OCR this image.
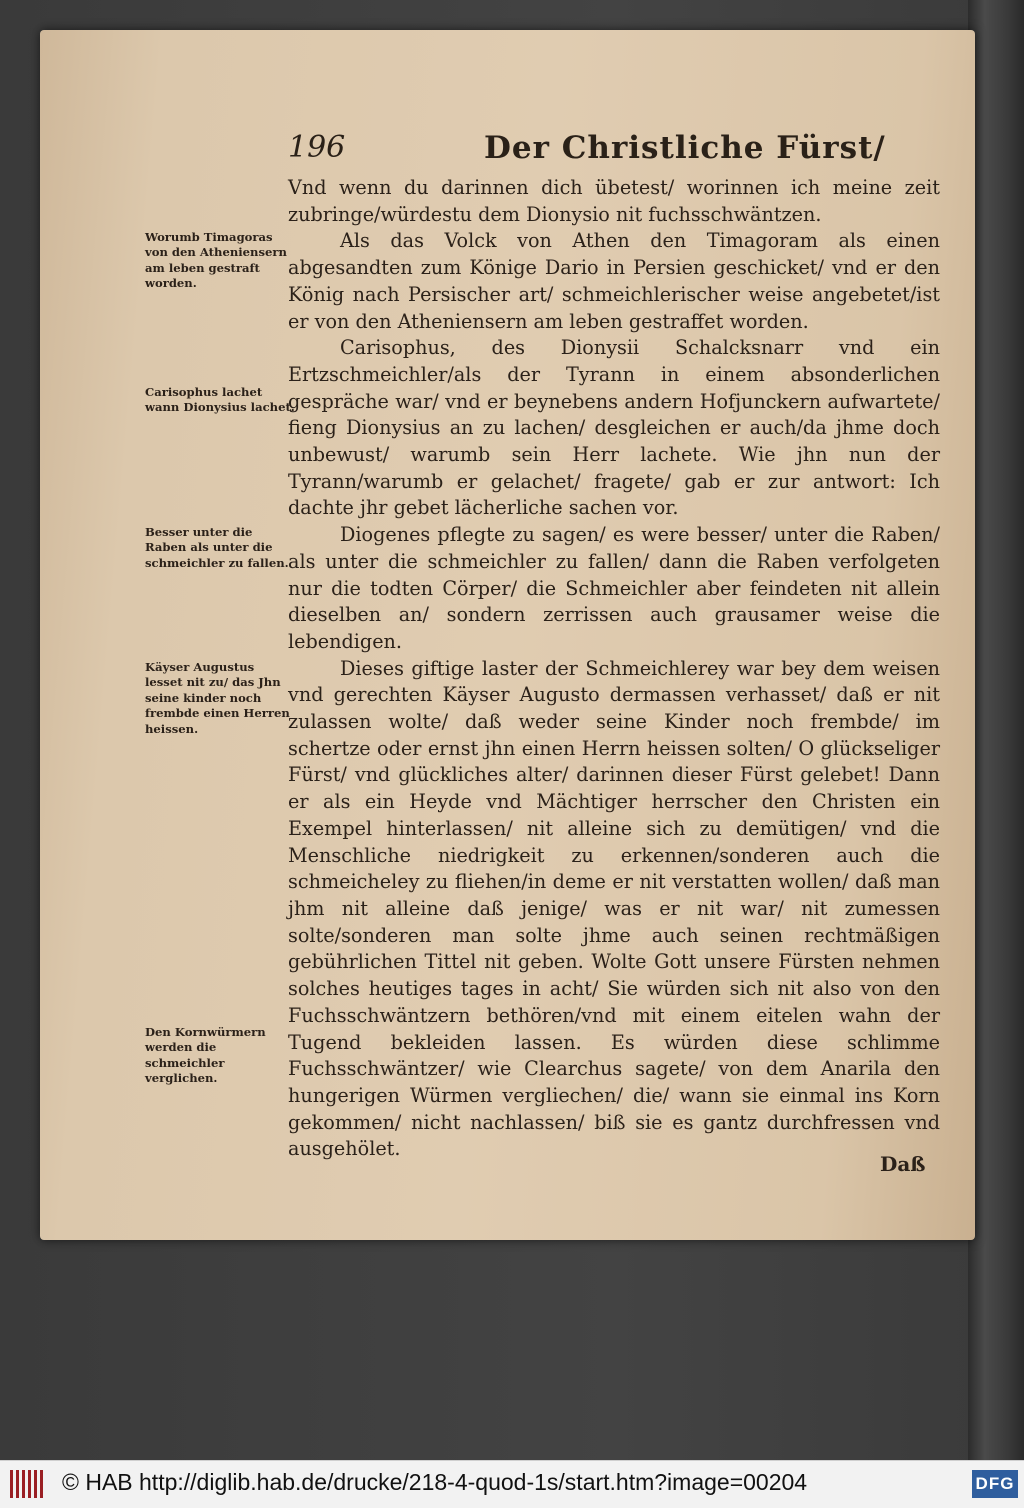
196	Der Christliche Fürst/

Vnd wenn du darinnen dich übetest/ worinnen ich meine zeit zubringe/würdestu dem Dionysio nit fuchsschwäntzen.

Als das Volck von Athen den Timagoram als einen abgesandten zum Könige Dario in Persien geschicket/ vnd er den König nach Persischer art/ schmeichlerischer weise angebetet/ist er von den Atheniensern am leben gestraffet worden.

Carisophus, des Dionysii Schalcksnarr vnd ein Ertzschmeichler/als der Tyrann in einem absonderlichen gespräche war/ vnd er beynebens andern Hofjunckern aufwartete/ fieng Dionysius an zu lachen/ desgleichen er auch/da jhme doch unbewust/ warumb sein Herr lachete. Wie jhn nun der Tyrann/warumb er gelachet/ fragete/ gab er zur antwort: Ich dachte jhr gebet lächerliche sachen vor.

Diogenes pflegte zu sagen/ es were besser/ unter die Raben/ als unter die schmeichler zu fallen/ dann die Raben verfolgeten nur die todten Cörper/ die Schmeichler aber feindeten nit allein dieselben an/ sondern zerrissen auch grausamer weise die lebendigen.

Dieses giftige laster der Schmeichlerey war bey dem weisen vnd gerechten Käyser Augusto dermassen verhasset/ daß er nit zulassen wolte/ daß weder seine Kinder noch frembde/ im schertze oder ernst jhn einen Herrn heissen solten/ O glückseliger Fürst/ vnd glückliches alter/ darinnen dieser Fürst gelebet! Dann er als ein Heyde vnd Mächtiger herrscher den Christen ein Exempel hinterlassen/ nit alleine sich zu demütigen/ vnd die Menschliche niedrigkeit zu erkennen/sonderen auch die schmeicheley zu fliehen/in deme er nit verstatten wollen/ daß man jhm nit alleine daß jenige/ was er nit war/ nit zumessen solte/sonderen man solte jhme auch seinen rechtmäßigen gebührlichen Tittel nit geben. Wolte Gott unsere Fürsten nehmen solches heutiges tages in acht/ Sie würden sich nit also von den Fuchsschwäntzern bethören/vnd mit einem eitelen wahn der Tugend bekleiden lassen. Es würden diese schlimme Fuchsschwäntzer/ wie Clearchus sagete/ von dem Anarila den hungerigen Würmen vergliechen/ die/ wann sie einmal ins Korn gekommen/ nicht nachlassen/ biß sie es gantz durchfressen vnd ausgehölet.

Worumb Timagoras von den Atheniensern am leben gestraft worden.
Carisophus lachet wann Dionysius lachet.
Besser unter die Raben als unter die schmeichler zu fallen.
Käyser Augustus lesset nit zu/ das Jhn seine kinder noch frembde einen Herren heissen.
Den Kornwürmern werden die schmeichler verglichen.
Daß
© HAB http://diglib.hab.de/drucke/218-4-quod-1s/start.htm?image=00204	DFG
